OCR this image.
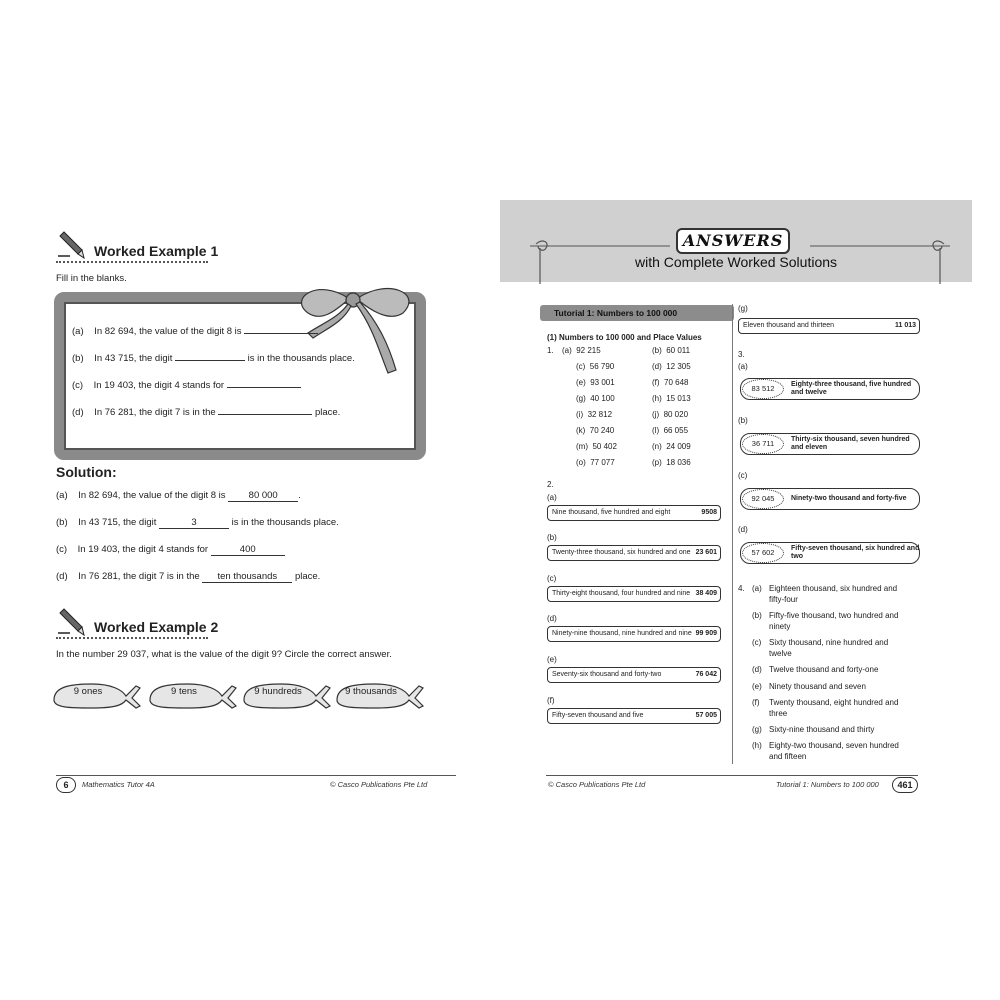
Worked Example 1
Fill in the blanks.
(a) In 82 694, the value of the digit 8 is
(b) In 43 715, the digit	is in the thousands place.
(c) In 19 403, the digit 4 stands for
(d) In 76 281, the digit 7 is in the	place.
Solution:
(a) In 82 694, the value of the digit 8 is 80 000 .
(b) In 43 715, the digit	3	is in the thousands place.
(c) In 19 403, the digit 4 stands for	400
(d) In 76 281, the digit 7 is in the ten thousands place.
Worked Example 2
In the number 29 037, what is the value of the digit 9? Circle the correct answer.
9 ones	9 tens	9 hundreds	9 thousands
6	Mathematics Tutor 4A	© Casco Publications Pte Ltd
ANSWERS
with Complete Worked Solutions
Tutorial 1: Numbers to 100 000
(1) Numbers to 100 000 and Place Values
1. (a) 92 215	(b) 60 011
(c) 56 790	(d) 12 305
(e) 93 001	(f) 70 648
(g) 40 100	(h) 15 013
(i) 32 812	(j) 80 020
(k) 70 240	(l) 66 055
(m) 50 402	(n) 24 009
(o) 77 077	(p) 18 036
2.
(a)
Nine thousand, five hundred and eight	9508
(b)
Twenty-three thousand, six hundred and one 23 601
(c)
Thirty-eight thousand, four hundred and nine 38 409
(d)
Ninety-nine thousand, nine hundred and nine 99 909
(e)
Seventy-six thousand and forty-two	76 042
(f)
Fifty-seven thousand and five	57 005
(g)
Eleven thousand and thirteen	11 013
3.
(a)
Eighty-three thousand, five hundred and twelve
83 512
(b)
Thirty-six thousand, seven hundred and eleven
36 711
(c)
Ninety-two thousand and forty-five
92 045
(d)
Fifty-seven thousand, six hundred and two
57 602
4. (a) Eighteen thousand, six hundred and
fifty-four
(b) Fifty-five thousand, two hundred and
ninety
(c) Sixty thousand, nine hundred and
twelve
(d) Twelve thousand and forty-one
(e) Ninety thousand and seven
(f) Twenty thousand, eight hundred and
three
(g) Sixty-nine thousand and thirty
(h) Eighty-two thousand, seven hundred
and fifteen
© Casco Publications Pte Ltd	Tutorial 1: Numbers to 100 000	461
